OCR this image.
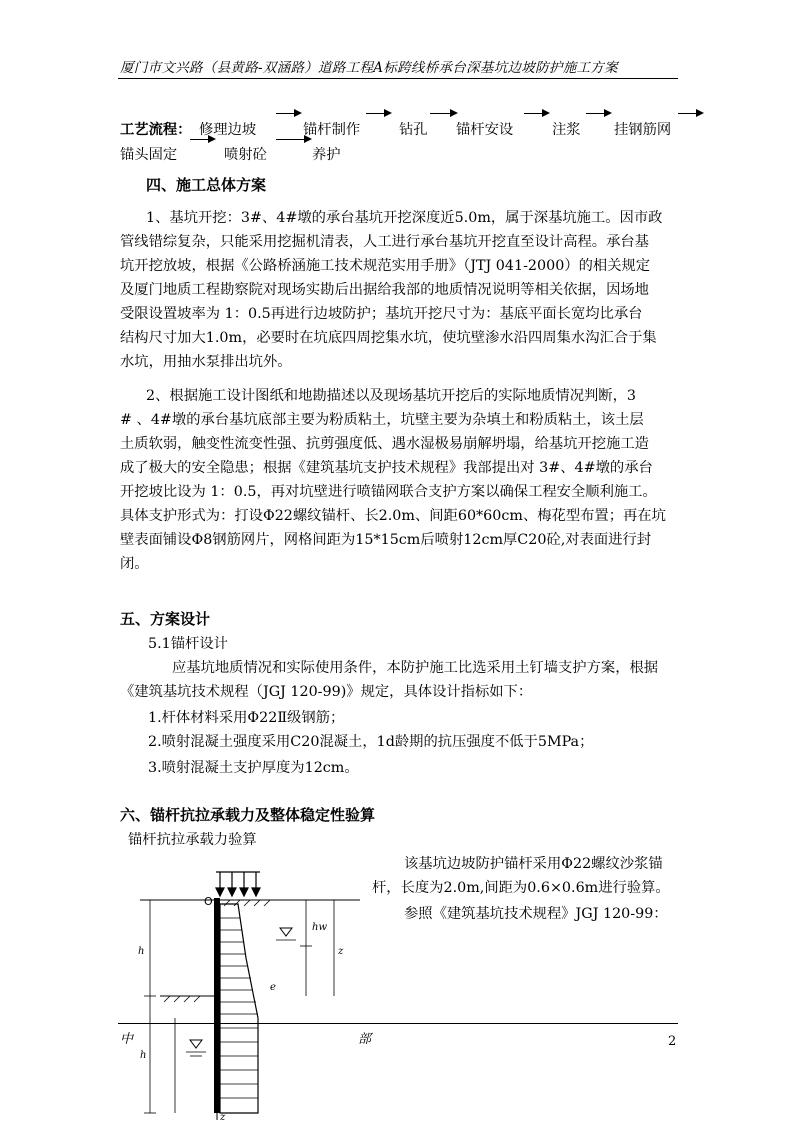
厦门市文兴路（县黄路-双涵路）道路工程A标跨线桥承台深基坑边坡防护施工方案
工艺流程： 修理边坡	锚杆制作	钻孔 锚杆安设	注浆 挂钢筋网
锚头固定	喷射砼	养护
四、施工总体方案
1、基坑开挖：3#、4#墩的承台基坑开挖深度近5.0m，属于深基坑施工。因市政
管线错综复杂，只能采用挖掘机清表，人工进行承台基坑开挖直至设计高程。承台基
坑开挖放坡，根据《公路桥涵施工技术规范实用手册》（JTJ 041-2000）的相关规定
及厦门地质工程勘察院对现场实勘后出据给我部的地质情况说明等相关依据，因场地
受限设置坡率为 1：0.5再进行边坡防护；基坑开挖尺寸为：基底平面长宽均比承台
结构尺寸加大1.0m，必要时在坑底四周挖集水坑，使坑壁渗水沿四周集水沟汇合于集
水坑，用抽水泵排出坑外。
2、根据施工设计图纸和地勘描述以及现场基坑开挖后的实际地质情况判断，3
# 、4#墩的承台基坑底部主要为粉质粘土，坑壁主要为杂填土和粉质粘土，该土层
土质软弱，触变性流变性强、抗剪强度低、遇水湿极易崩解坍塌，给基坑开挖施工造
成了极大的安全隐患；根据《建筑基坑支护技术规程》我部提出对 3#、4#墩的承台
开挖坡比设为 1：0.5，再对坑壁进行喷锚网联合支护方案以确保工程安全顺利施工。
具体支护形式为：打设Φ22螺纹锚杆、长2.0m、间距60*60cm、梅花型布置；再在坑
壁表面铺设Φ8钢筋网片，网格间距为15*15cm后喷射12cm厚C20砼,对表面进行封
闭。
五、方案设计
5.1锚杆设计
应基坑地质情况和实际使用条件，本防护施工比选采用土钉墙支护方案，根据
《建筑基坑技术规程（JGJ 120-99)》规定，具体设计指标如下：
1.杆体材料采用Φ22Ⅱ级钢筋；
2.喷射混凝土强度采用C20混凝土，1d龄期的抗压强度不低于5MPa；
3.喷射混凝土支护厚度为12cm。
六、锚杆抗拉承载力及整体稳定性验算
锚杆抗拉承载力验算
该基坑边坡防护锚杆采用Φ22螺纹沙浆锚
杆，长度为2.0m,间距为0.6×0.6m进行验算。
参照《建筑基坑技术规程》JGJ 120-99：
O
h
h
hw
z
e
z
中	部	2
